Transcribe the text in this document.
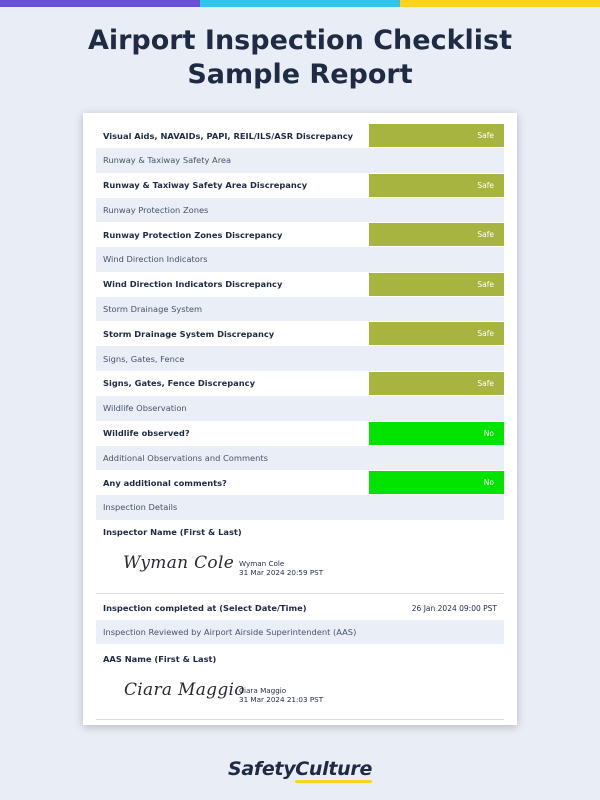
Airport Inspection Checklist
Sample Report
Visual Aids, NAVAIDs, PAPI, REIL/ILS/ASR Discrepancy	Safe
Runway & Taxiway Safety Area
Runway & Taxiway Safety Area Discrepancy	Safe
Runway Protection Zones
Runway Protection Zones Discrepancy	Safe
Wind Direction Indicators
Wind Direction Indicators Discrepancy	Safe
Storm Drainage System
Storm Drainage System Discrepancy	Safe
Signs, Gates, Fence
Signs, Gates, Fence Discrepancy	Safe
Wildlife Observation
Wildlife observed?	No
Additional Observations and Comments
Any additional comments?	No
Inspection Details
Inspector Name (First & Last)
Wyman Cole Wyman Cole
31 Mar 2024 20:59 PST
Inspection completed at (Select Date/Time)	26 Jan 2024 09:00 PST
Inspection Reviewed by Airport Airside Superintendent (AAS)
AAS Name (First & Last)
Ciara Maggio
Ciara Maggio
31 Mar 2024 21:03 PST
SafetyCulture
